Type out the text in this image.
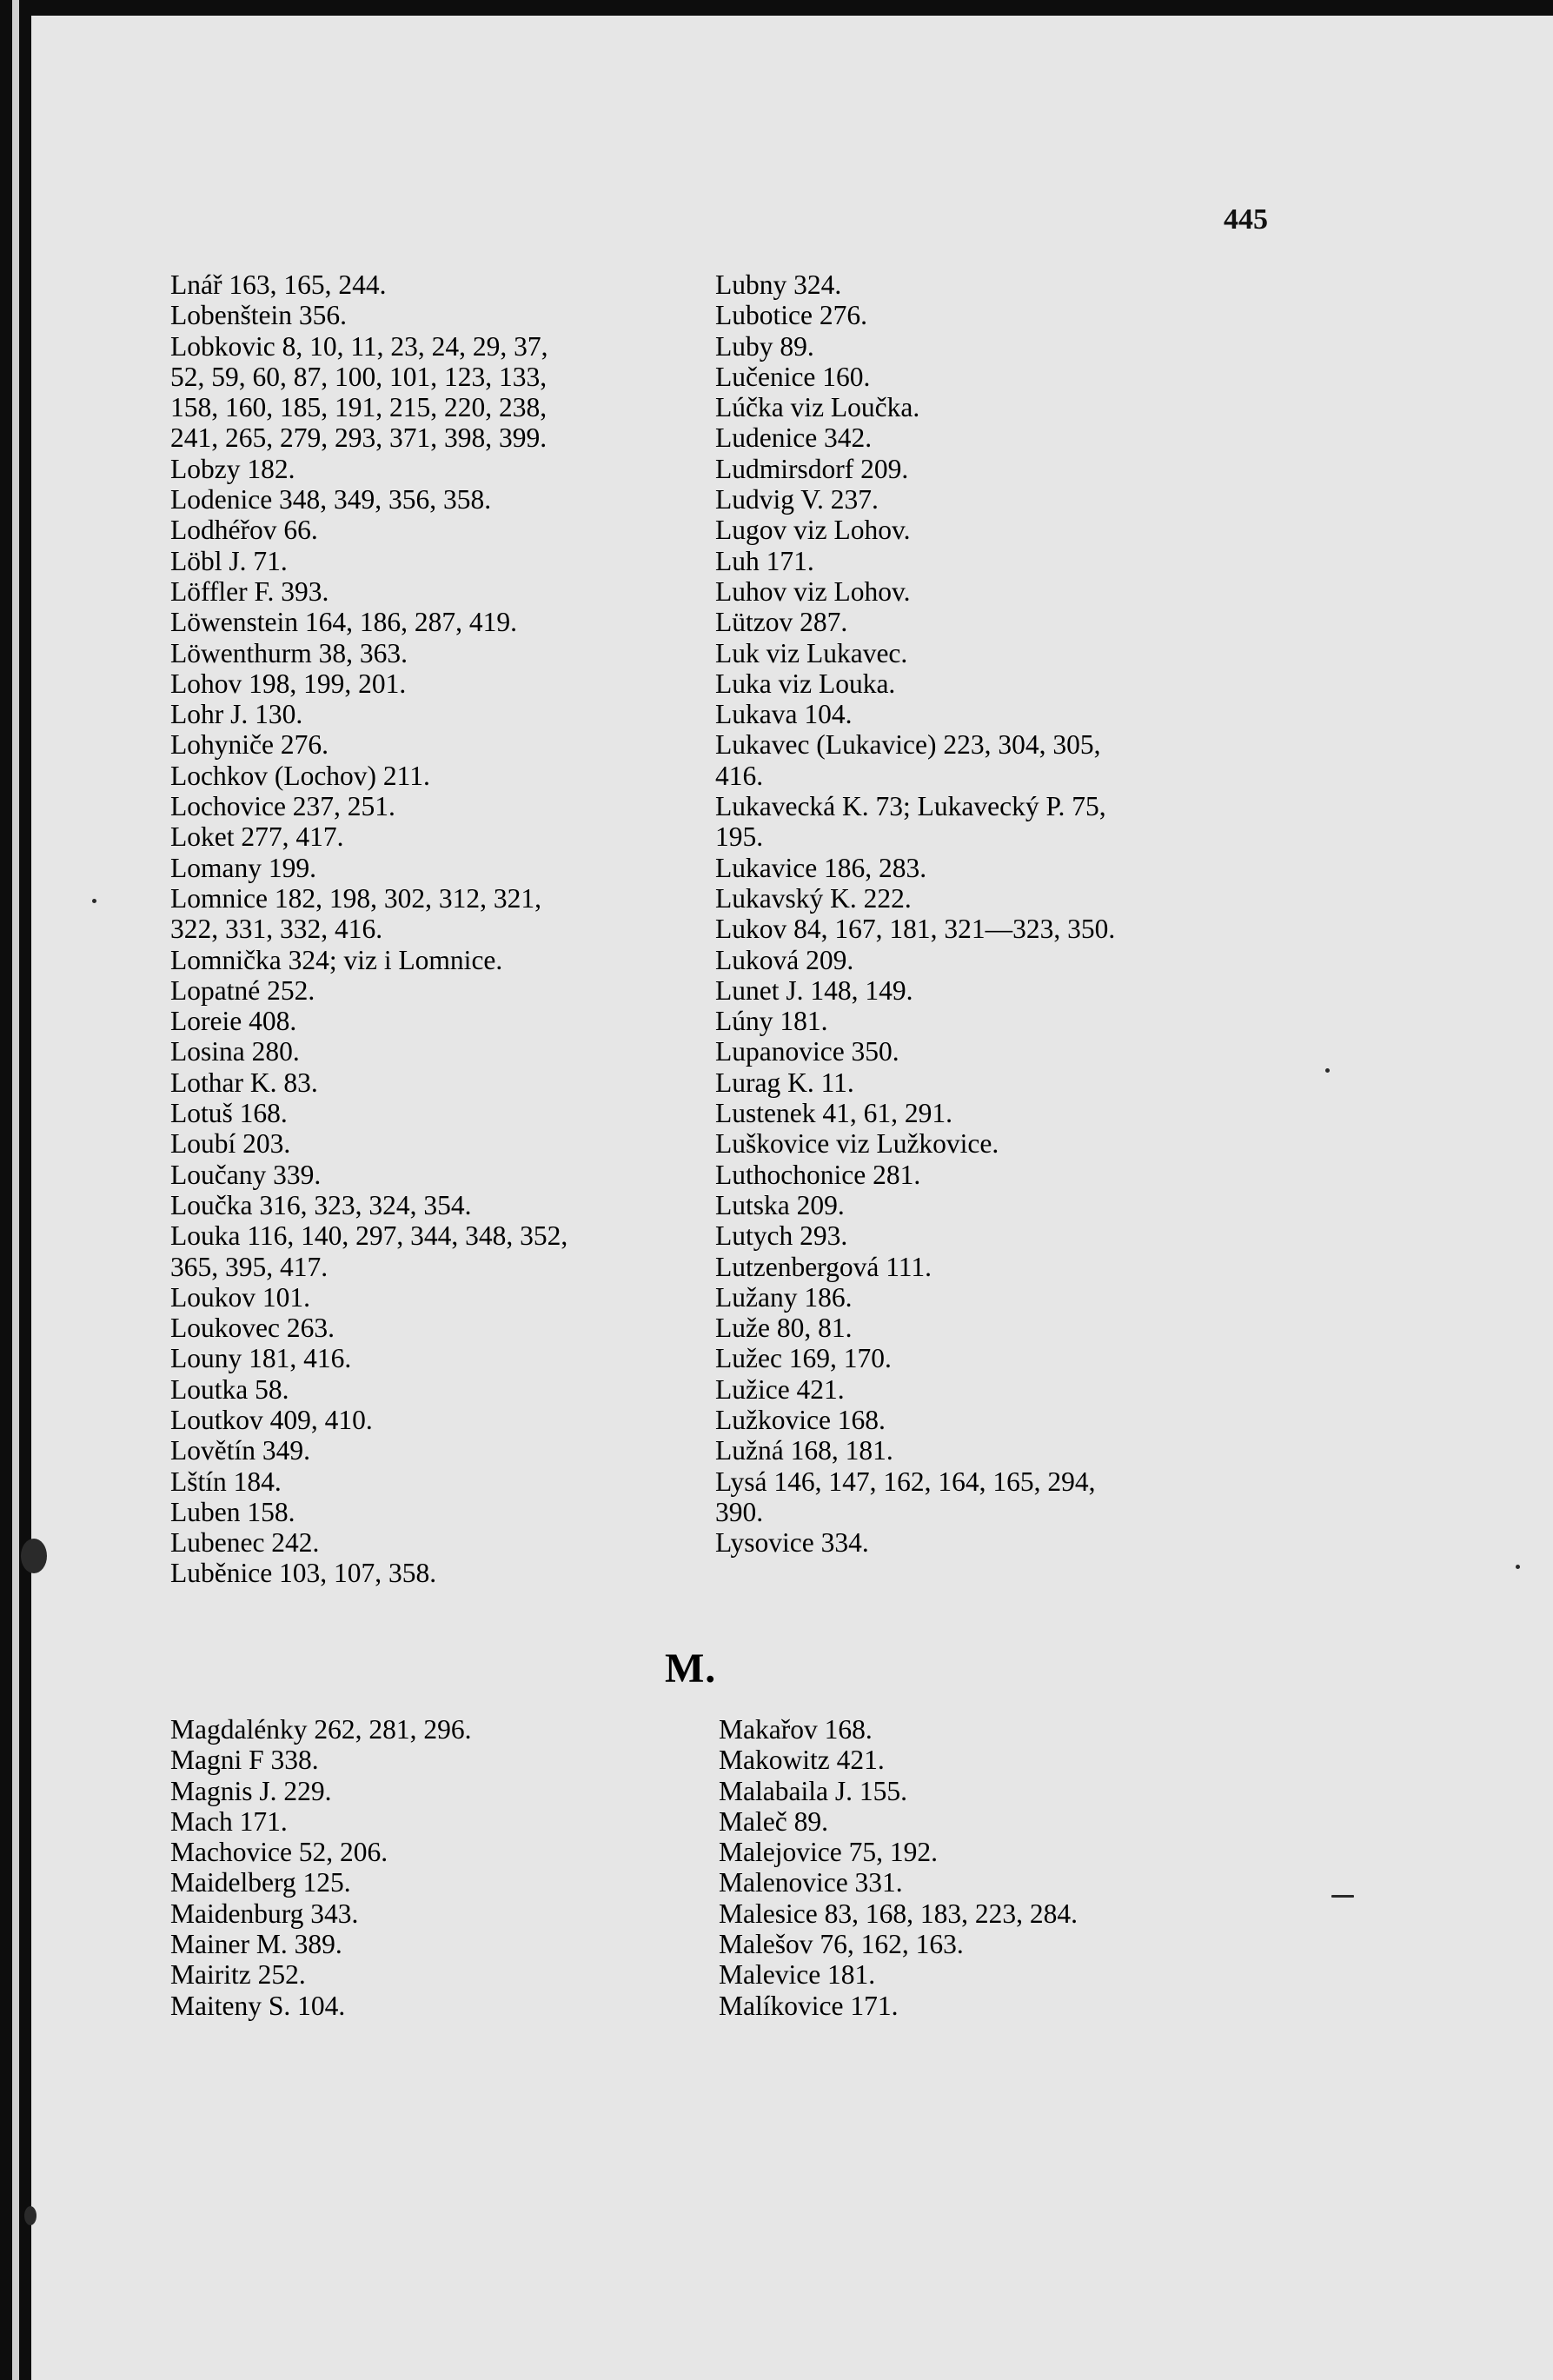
445
Lnář 163, 165, 244.
Lobenštein 356.
Lobkovic 8, 10, 11, 23, 24, 29, 37,
52, 59, 60, 87, 100, 101, 123, 133,
158, 160, 185, 191, 215, 220, 238,
241, 265, 279, 293, 371, 398, 399.
Lobzy 182.
Lodenice 348, 349, 356, 358.
Lodhéřov 66.
Löbl J. 71.
Löffler F. 393.
Löwenstein 164, 186, 287, 419.
Löwenthurm 38, 363.
Lohov 198, 199, 201.
Lohr J. 130.
Lohyniče 276.
Lochkov (Lochov) 211.
Lochovice 237, 251.
Loket 277, 417.
Lomany 199.
Lomnice 182, 198, 302, 312, 321,
322, 331, 332, 416.
Lomnička 324; viz i Lomnice.
Lopatné 252.
Loreie 408.
Losina 280.
Lothar K. 83.
Lotuš 168.
Loubí 203.
Loučany 339.
Loučka 316, 323, 324, 354.
Louka 116, 140, 297, 344, 348, 352,
365, 395, 417.
Loukov 101.
Loukovec 263.
Louny 181, 416.
Loutka 58.
Loutkov 409, 410.
Lovětín 349.
Lštín 184.
Luben 158.
Lubenec 242.
Luběnice 103, 107, 358.
Lubny 324.
Lubotice 276.
Luby 89.
Lučenice 160.
Lúčka viz Loučka.
Ludenice 342.
Ludmirsdorf 209.
Ludvig V. 237.
Lugov viz Lohov.
Luh 171.
Luhov viz Lohov.
Lützov 287.
Luk viz Lukavec.
Luka viz Louka.
Lukava 104.
Lukavec (Lukavice) 223, 304, 305,
416.
Lukavecká K. 73; Lukavecký P. 75,
195.
Lukavice 186, 283.
Lukavský K. 222.
Lukov 84, 167, 181, 321—323, 350.
Luková 209.
Lunet J. 148, 149.
Lúny 181.
Lupanovice 350.
Lurag K. 11.
Lustenek 41, 61, 291.
Luškovice viz Lužkovice.
Luthochonice 281.
Lutska 209.
Lutych 293.
Lutzenbergová 111.
Lužany 186.
Luže 80, 81.
Lužec 169, 170.
Lužice 421.
Lužkovice 168.
Lužná 168, 181.
Lysá 146, 147, 162, 164, 165, 294,
390.
Lysovice 334.
M.
Magdalénky 262, 281, 296.
Magni F 338.
Magnis J. 229.
Mach 171.
Machovice 52, 206.
Maidelberg 125.
Maidenburg 343.
Mainer M. 389.
Mairitz 252.
Maiteny S. 104.
Makařov 168.
Makowitz 421.
Malabaila J. 155.
Maleč 89.
Malejovice 75, 192.
Malenovice 331.
Malesice 83, 168, 183, 223, 284.
Malešov 76, 162, 163.
Malevice 181.
Malíkovice 171.
